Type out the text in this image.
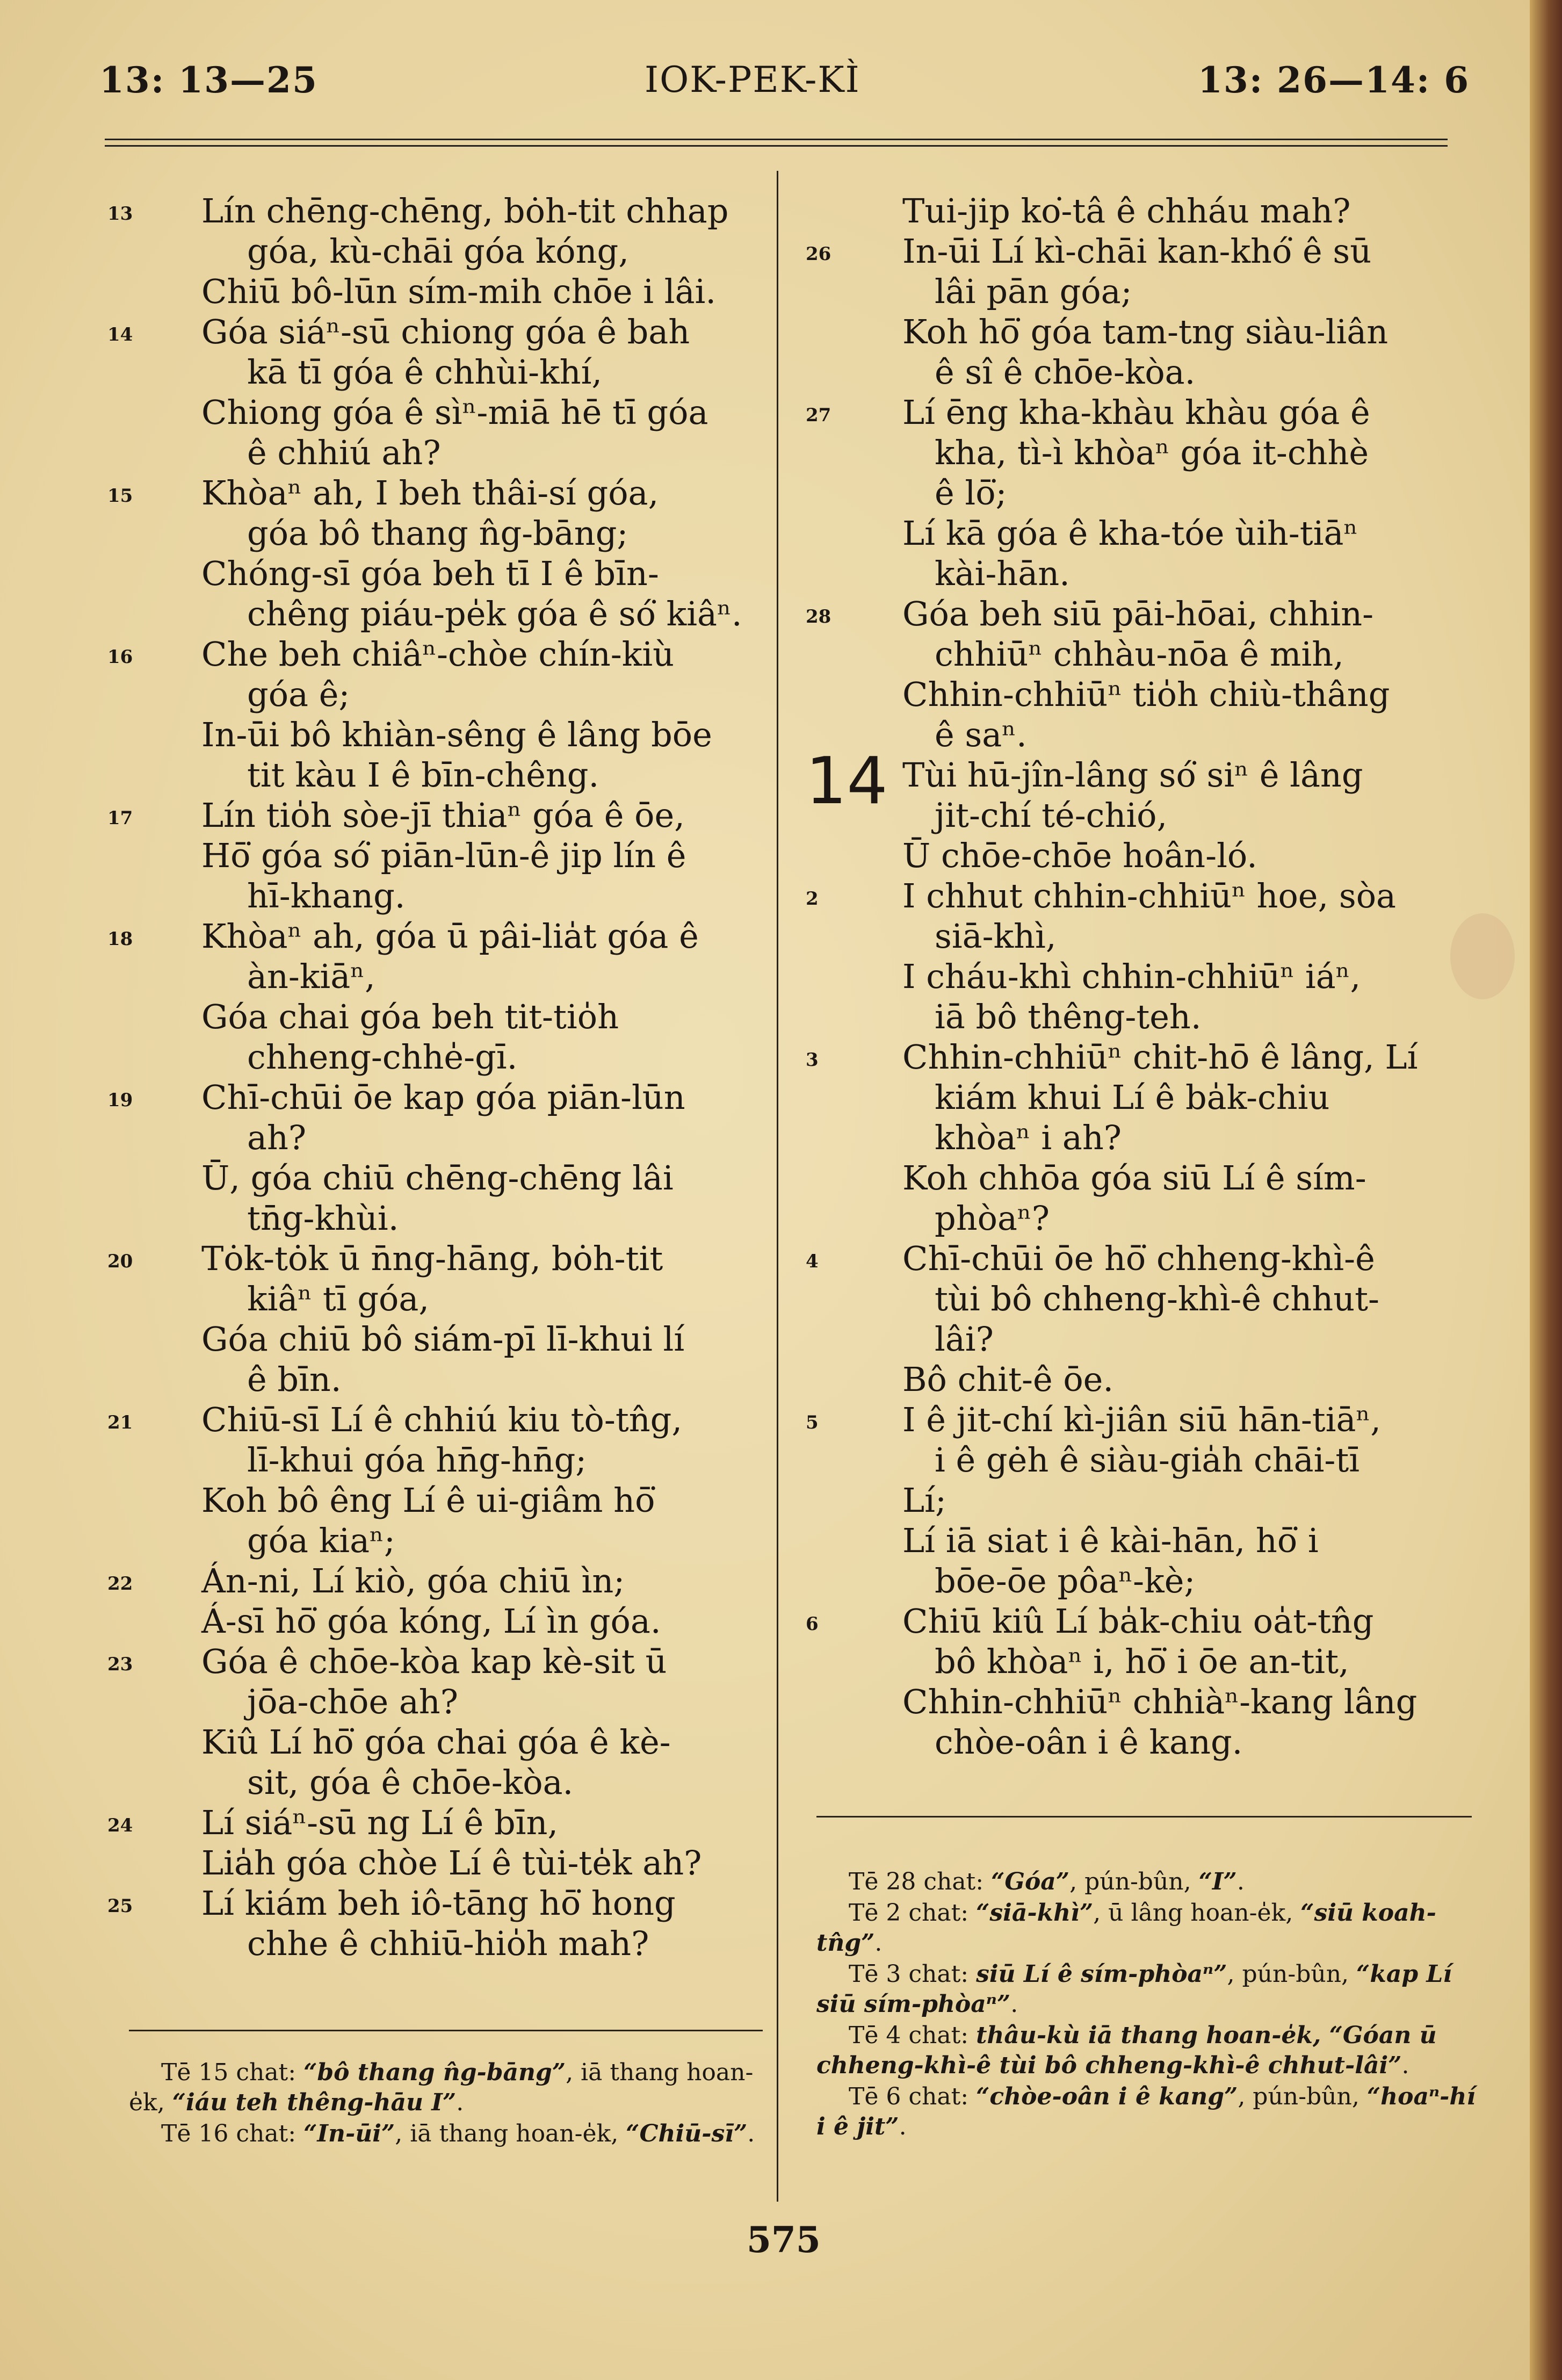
13: 13—25	IOK-PEK-KÌ	13: 26—14: 6
13	Lín chēng-chēng, bȯh-tit chhap
góa, kù-chāi góa kóng,
Chiū bô-lūn sím-mih chōe i lâi.
14	Góa siáⁿ-sū chiong góa ê bah
kā tī góa ê chhùi-khí,
Chiong góa ê sìⁿ-miā hē tī góa
ê chhiú ah?
15	Khòaⁿ ah, I beh thâi-sí góa,
góa bô thang n̂g-bāng;
Chóng-sī góa beh tī I ê bīn-
chêng piáu-pe̍k góa ê só͘ kiâⁿ.
16	Che beh chiâⁿ-chòe chín-kiù
góa ê;
In-ūi bô khiàn-sêng ê lâng bōe
tit kàu I ê bīn-chêng.
17	Lín tio̍h sòe-jī thiaⁿ góa ê ōe,
Hō͘ góa só͘ piān-lūn-ê jip lín ê
hī-khang.
18	Khòaⁿ ah, góa ū pâi-lia̍t góa ê
àn-kiāⁿ,
Góa chai góa beh tit-tio̍h
chheng-chhe̍-gī.
19	Chī-chūi ōe kap góa piān-lūn
ah?
Ū, góa chiū chēng-chēng lâi
tn̄g-khùi.
20	Tȯk-tȯk ū n̄ng-hāng, bȯh-tit
kiâⁿ tī góa,
Góa chiū bô siám-pī lī-khui lí
ê bīn.
21	Chiū-sī Lí ê chhiú kiu tò-tn̂g,
lī-khui góa hn̄g-hn̄g;
Koh bô êng Lí ê ui-giâm hō͘
góa kiaⁿ;
22	Án-ni, Lí kiò, góa chiū ìn;
Á-sī hō͘ góa kóng, Lí ìn góa.
23	Góa ê chōe-kòa kap kè-sit ū
jōa-chōe ah?
Kiû Lí hō͘ góa chai góa ê kè-
sit, góa ê chōe-kòa.
24	Lí siáⁿ-sū ng Lí ê bīn,
Lia̍h góa chòe Lí ê tùi-te̍k ah?
25	Lí kiám beh iô-tāng hō͘ hong
chhe ê chhiū-hio̍h mah?
Tui-jip ko͘-tâ ê chháu mah?
26	In-ūi Lí kì-chāi kan-khó͘ ê sū
lâi pān góa;
Koh hō͘ góa tam-tng siàu-liân
ê sî ê chōe-kòa.
27	Lí ēng kha-khàu khàu góa ê
kha, tì-ì khòaⁿ góa it-chhè
ê lō͘;
Lí kā góa ê kha-tóe ùih-tiāⁿ
kài-hān.
28	Góa beh siū pāi-hōai, chhin-
chhiūⁿ chhàu-nōa ê mih,
Chhin-chhiūⁿ tio̍h chiù-thâng
ê saⁿ.
14 Tùi hū-jîn-lâng só͘ siⁿ ê lâng
jit-chí té-chió,
Ū chōe-chōe hoân-ló.
2	I chhut chhin-chhiūⁿ hoe, sòa
siā-khì,
I cháu-khì chhin-chhiūⁿ iáⁿ,
iā bô thêng-teh.
3	Chhin-chhiūⁿ chit-hō ê lâng, Lí
kiám khui Lí ê ba̍k-chiu
khòaⁿ i ah?
Koh chhōa góa siū Lí ê sím-
phòaⁿ?
4	Chī-chūi ōe hō͘ chheng-khì-ê
tùi bô chheng-khì-ê chhut-
lâi?
Bô chit-ê ōe.
5	I ê jit-chí kì-jiân siū hān-tiāⁿ,
i ê gėh ê siàu-gia̍h chāi-tī
Lí;
Lí iā siat i ê kài-hān, hō͘ i
bōe-ōe pôaⁿ-kè;
6	Chiū kiû Lí ba̍k-chiu oa̍t-tn̂g
bô khòaⁿ i, hō͘ i ōe an-tit,
Chhin-chhiūⁿ chhiàⁿ-kang lâng
chòe-oân i ê kang.
Tē 15 chat: “bô thang n̂g-bāng”, iā thang hoan-e̍k, “iáu teh thêng-hāu I”.
Tē 16 chat: “In-ūi”, iā thang hoan-e̍k, “Chiū-sī”.
Tē 28 chat: “Góa”, pún-bûn, “I”.
Tē 2 chat: “siā-khì”, ū lâng hoan-e̍k, “siū koah-tn̂g”.
Tē 3 chat: siū Lí ê sím-phòaⁿ”, pún-bûn, “kap Lí siū sím-phòaⁿ”.
Tē 4 chat: thâu-kù iā thang hoan-e̍k, “Góan ū chheng-khì-ê tùi bô chheng-khì-ê chhut-lâi”.
Tē 6 chat: “chòe-oân i ê kang”, pún-bûn, “hoaⁿ-hí i ê jit”.
575
